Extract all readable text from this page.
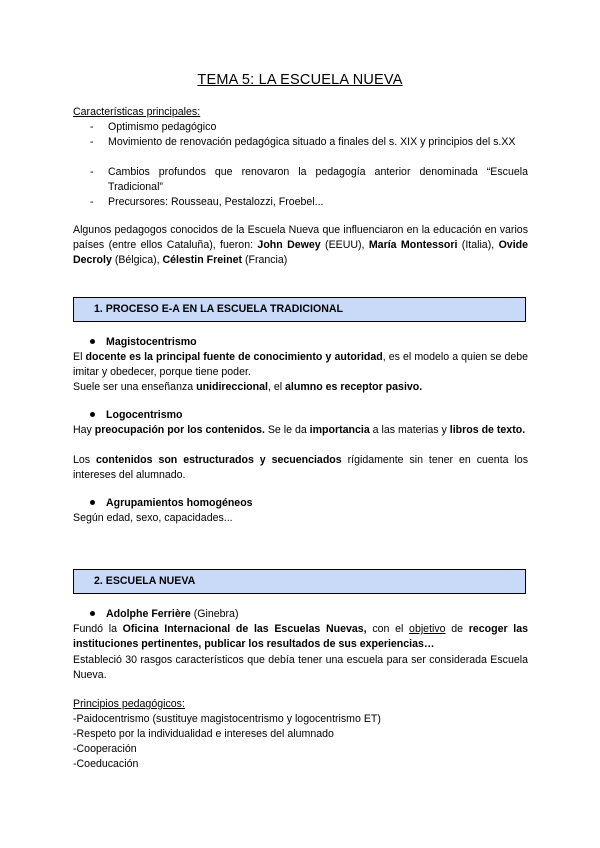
TEMA 5: LA ESCUELA NUEVA
Características principales:
- Optimismo pedagógico
- Movimiento de renovación pedagógica situado a finales del s. XIX y principios del s.XX
- Cambios profundos que renovaron la pedagogía anterior denominada “Escuela Tradicional”
- Precursores: Rousseau, Pestalozzi, Froebel...
Algunos pedagogos conocidos de la Escuela Nueva que influenciaron en la educación en varios países (entre ellos Cataluña), fueron: John Dewey (EEUU), María Montessori (Italia), Ovide Decroly (Bélgica), Célestin Freinet (Francia)
1. PROCESO E-A EN LA ESCUELA TRADICIONAL
Magistocentrismo
El docente es la principal fuente de conocimiento y autoridad, es el modelo a quien se debe imitar y obedecer, porque tiene poder.
Suele ser una enseñanza unidireccional, el alumno es receptor pasivo.
Logocentrismo
Hay preocupación por los contenidos. Se le da importancia a las materias y libros de texto.
Los contenidos son estructurados y secuenciados rígidamente sin tener en cuenta los intereses del alumnado.
Agrupamientos homogéneos
Según edad, sexo, capacidades...
2. ESCUELA NUEVA
Adolphe Ferrière (Ginebra)
Fundó la Oficina Internacional de las Escuelas Nuevas, con el objetivo de recoger las instituciones pertinentes, publicar los resultados de sus experiencias…
Estableció 30 rasgos característicos que debía tener una escuela para ser considerada Escuela Nueva.
Principios pedagógicos:
-Paidocentrismo (sustituye magistocentrismo y logocentrismo ET)
-Respeto por la individualidad e intereses del alumnado
-Cooperación
-Coeducación
